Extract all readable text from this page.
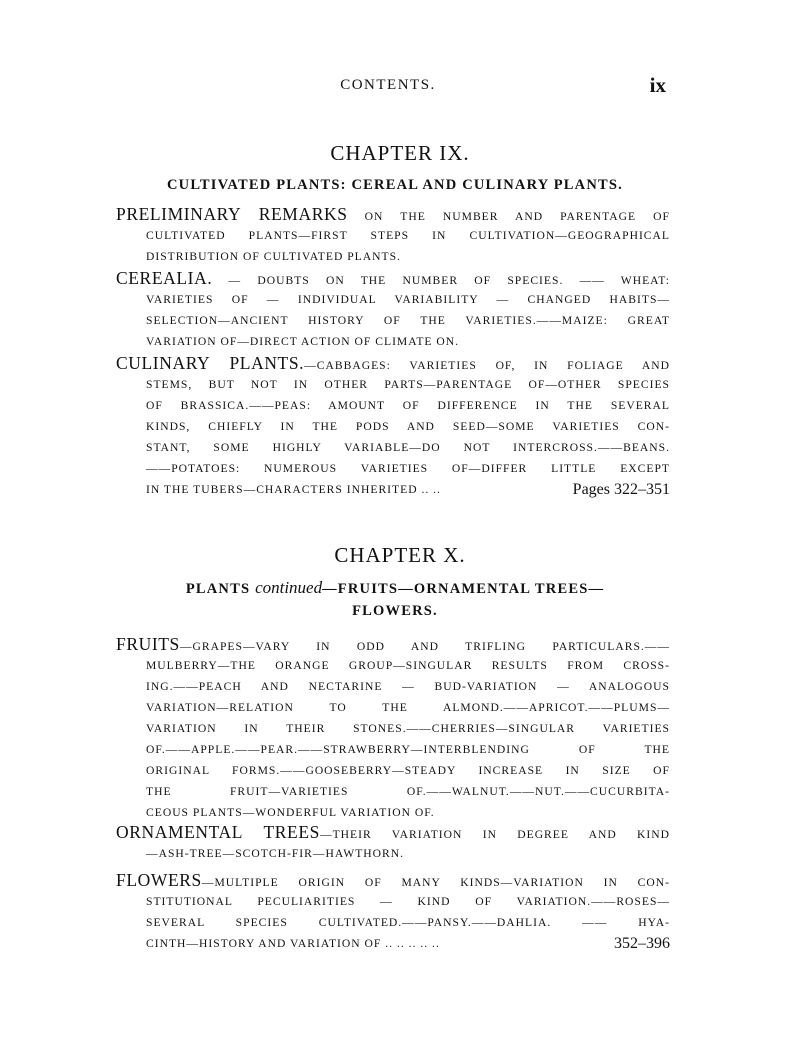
CONTENTS.	ix
CHAPTER IX.
CULTIVATED PLANTS: CEREAL AND CULINARY PLANTS.
PRELIMINARY REMARKS ON THE NUMBER AND PARENTAGE OF
CULTIVATED PLANTS—FIRST STEPS IN CULTIVATION—GEOGRAPHICAL
DISTRIBUTION OF CULTIVATED PLANTS.
CEREALIA. — DOUBTS ON THE NUMBER OF SPECIES. —— WHEAT:
VARIETIES OF — INDIVIDUAL VARIABILITY — CHANGED HABITS—
SELECTION—ANCIENT HISTORY OF THE VARIETIES.——MAIZE: GREAT
VARIATION OF—DIRECT ACTION OF CLIMATE ON.
CULINARY PLANTS.—CABBAGES: VARIETIES OF, IN FOLIAGE AND
STEMS, BUT NOT IN OTHER PARTS—PARENTAGE OF—OTHER SPECIES
OF BRASSICA.——PEAS: AMOUNT OF DIFFERENCE IN THE SEVERAL
KINDS, CHIEFLY IN THE PODS AND SEED—SOME VARIETIES CON-
STANT, SOME HIGHLY VARIABLE—DO NOT INTERCROSS.——BEANS.
——POTATOES: NUMEROUS VARIETIES OF—DIFFER LITTLE EXCEPT
IN THE TUBERS—CHARACTERS INHERITED .. ..	Pages 322–351
CHAPTER X.
PLANTS continued—FRUITS—ORNAMENTAL TREES—
FLOWERS.
FRUITS—GRAPES—VARY IN ODD AND TRIFLING PARTICULARS.——
MULBERRY—THE ORANGE GROUP—SINGULAR RESULTS FROM CROSS-
ING.——PEACH AND NECTARINE — BUD-VARIATION — ANALOGOUS
VARIATION—RELATION TO THE ALMOND.——APRICOT.——PLUMS—
VARIATION IN THEIR STONES.——CHERRIES—SINGULAR VARIETIES
OF.——APPLE.——PEAR.——STRAWBERRY—INTERBLENDING OF THE
ORIGINAL FORMS.——GOOSEBERRY—STEADY INCREASE IN SIZE OF
THE FRUIT—VARIETIES OF.——WALNUT.——NUT.——CUCURBITA-
CEOUS PLANTS—WONDERFUL VARIATION OF.
ORNAMENTAL TREES—THEIR VARIATION IN DEGREE AND KIND
—ASH-TREE—SCOTCH-FIR—HAWTHORN.
FLOWERS—MULTIPLE ORIGIN OF MANY KINDS—VARIATION IN CON-
STITUTIONAL PECULIARITIES — KIND OF VARIATION.——ROSES—
SEVERAL SPECIES CULTIVATED.——PANSY.——DAHLIA. —— HYA-
CINTH—HISTORY AND VARIATION OF .. .. .. .. ..	352–396
